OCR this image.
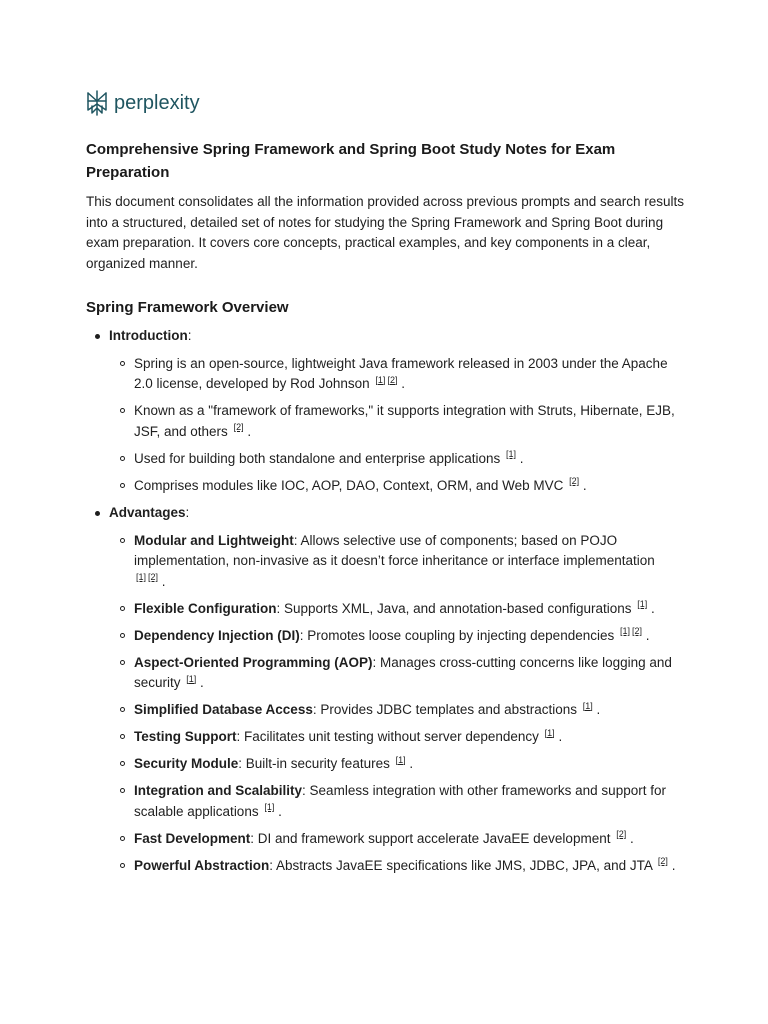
perplexity
Comprehensive Spring Framework and Spring Boot Study Notes for Exam Preparation

This document consolidates all the information provided across previous prompts and search results into a structured, detailed set of notes for studying the Spring Framework and Spring Boot during exam preparation. It covers core concepts, practical examples, and key components in a clear, organized manner.

Spring Framework Overview
Introduction:
Spring is an open-source, lightweight Java framework released in 2003 under the Apache 2.0 license, developed by Rod Johnson [1] [2] .
Known as a "framework of frameworks," it supports integration with Struts, Hibernate, EJB, JSF, and others [2] .
Used for building both standalone and enterprise applications [1] .
Comprises modules like IOC, AOP, DAO, Context, ORM, and Web MVC [2] .
Advantages:
Modular and Lightweight: Allows selective use of components; based on POJO implementation, non-invasive as it doesn’t force inheritance or interface implementation [1] [2] .
Flexible Configuration: Supports XML, Java, and annotation-based configurations [1] .
Dependency Injection (DI): Promotes loose coupling by injecting dependencies [1] [2] .
Aspect-Oriented Programming (AOP): Manages cross-cutting concerns like logging and security [1] .
Simplified Database Access: Provides JDBC templates and abstractions [1] .
Testing Support: Facilitates unit testing without server dependency [1] .
Security Module: Built-in security features [1] .
Integration and Scalability: Seamless integration with other frameworks and support for scalable applications [1] .
Fast Development: DI and framework support accelerate JavaEE development [2] .
Powerful Abstraction: Abstracts JavaEE specifications like JMS, JDBC, JPA, and JTA [2] .
